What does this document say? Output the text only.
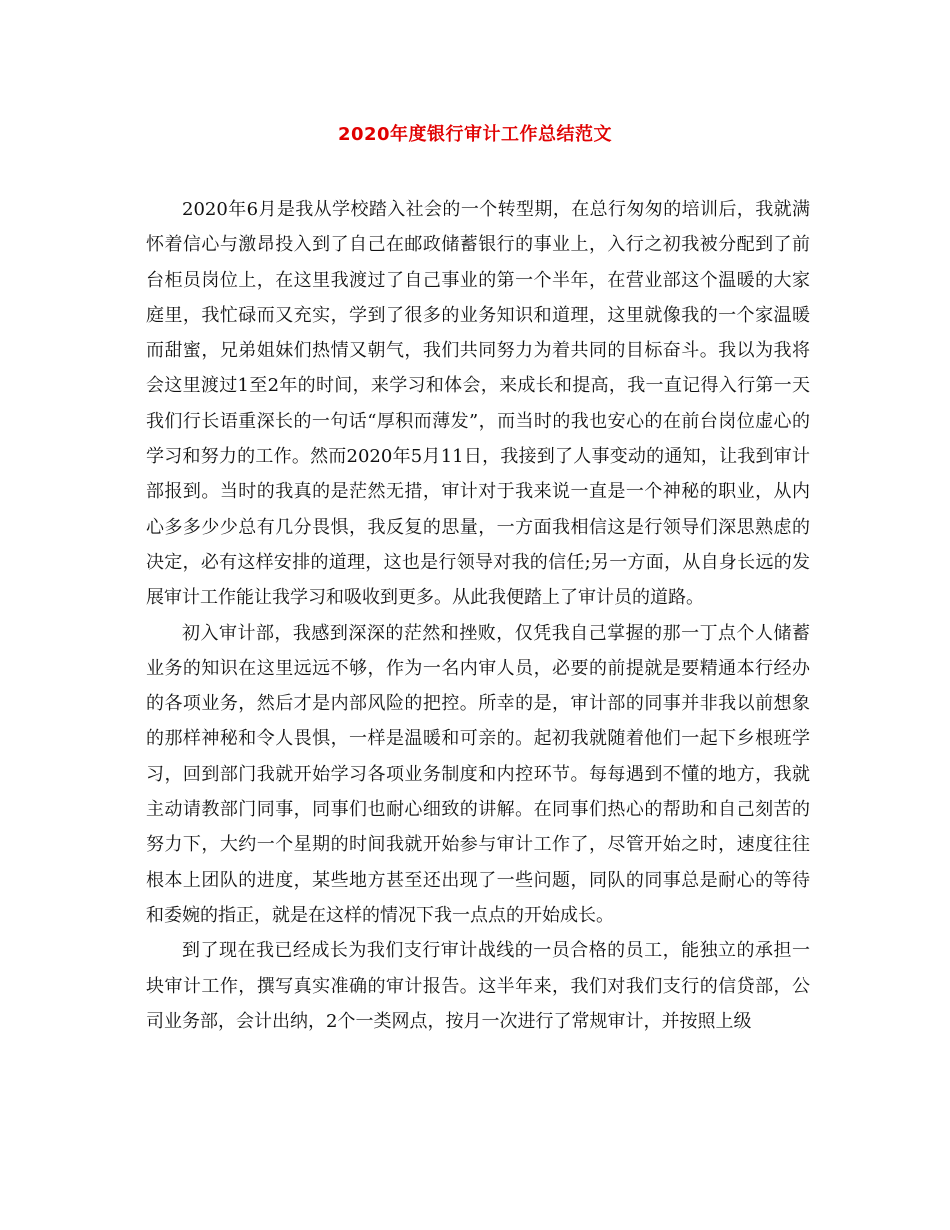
2020年度银行审计工作总结范文

2020年6月是我从学校踏入社会的一个转型期，在总行匆匆的培训后，我就满怀着信心与激昂投入到了自己在邮政储蓄银行的事业上，入行之初我被分配到了前台柜员岗位上，在这里我渡过了自己事业的第一个半年，在营业部这个温暖的大家庭里，我忙碌而又充实，学到了很多的业务知识和道理，这里就像我的一个家温暖而甜蜜，兄弟姐妹们热情又朝气，我们共同努力为着共同的目标奋斗。我以为我将会这里渡过1至2年的时间，来学习和体会，来成长和提高，我一直记得入行第一天我们行长语重深长的一句话“厚积而薄发”，而当时的我也安心的在前台岗位虚心的学习和努力的工作。然而2020年5月11日，我接到了人事变动的通知，让我到审计部报到。当时的我真的是茫然无措，审计对于我来说一直是一个神秘的职业，从内心多多少少总有几分畏惧，我反复的思量，一方面我相信这是行领导们深思熟虑的决定，必有这样安排的道理，这也是行领导对我的信任;另一方面，从自身长远的发展审计工作能让我学习和吸收到更多。从此我便踏上了审计员的道路。

初入审计部，我感到深深的茫然和挫败，仅凭我自己掌握的那一丁点个人储蓄业务的知识在这里远远不够，作为一名内审人员，必要的前提就是要精通本行经办的各项业务，然后才是内部风险的把控。所幸的是，审计部的同事并非我以前想象的那样神秘和令人畏惧，一样是温暖和可亲的。起初我就随着他们一起下乡根班学习，回到部门我就开始学习各项业务制度和内控环节。每每遇到不懂的地方，我就主动请教部门同事，同事们也耐心细致的讲解。在同事们热心的帮助和自己刻苦的努力下，大约一个星期的时间我就开始参与审计工作了，尽管开始之时，速度往往根本上团队的进度，某些地方甚至还出现了一些问题，同队的同事总是耐心的等待和委婉的指正，就是在这样的情况下我一点点的开始成长。

到了现在我已经成长为我们支行审计战线的一员合格的员工，能独立的承担一块审计工作，撰写真实准确的审计报告。这半年来，我们对我们支行的信贷部，公司业务部，会计出纳，2个一类网点，按月一次进行了常规审计，并按照上级
